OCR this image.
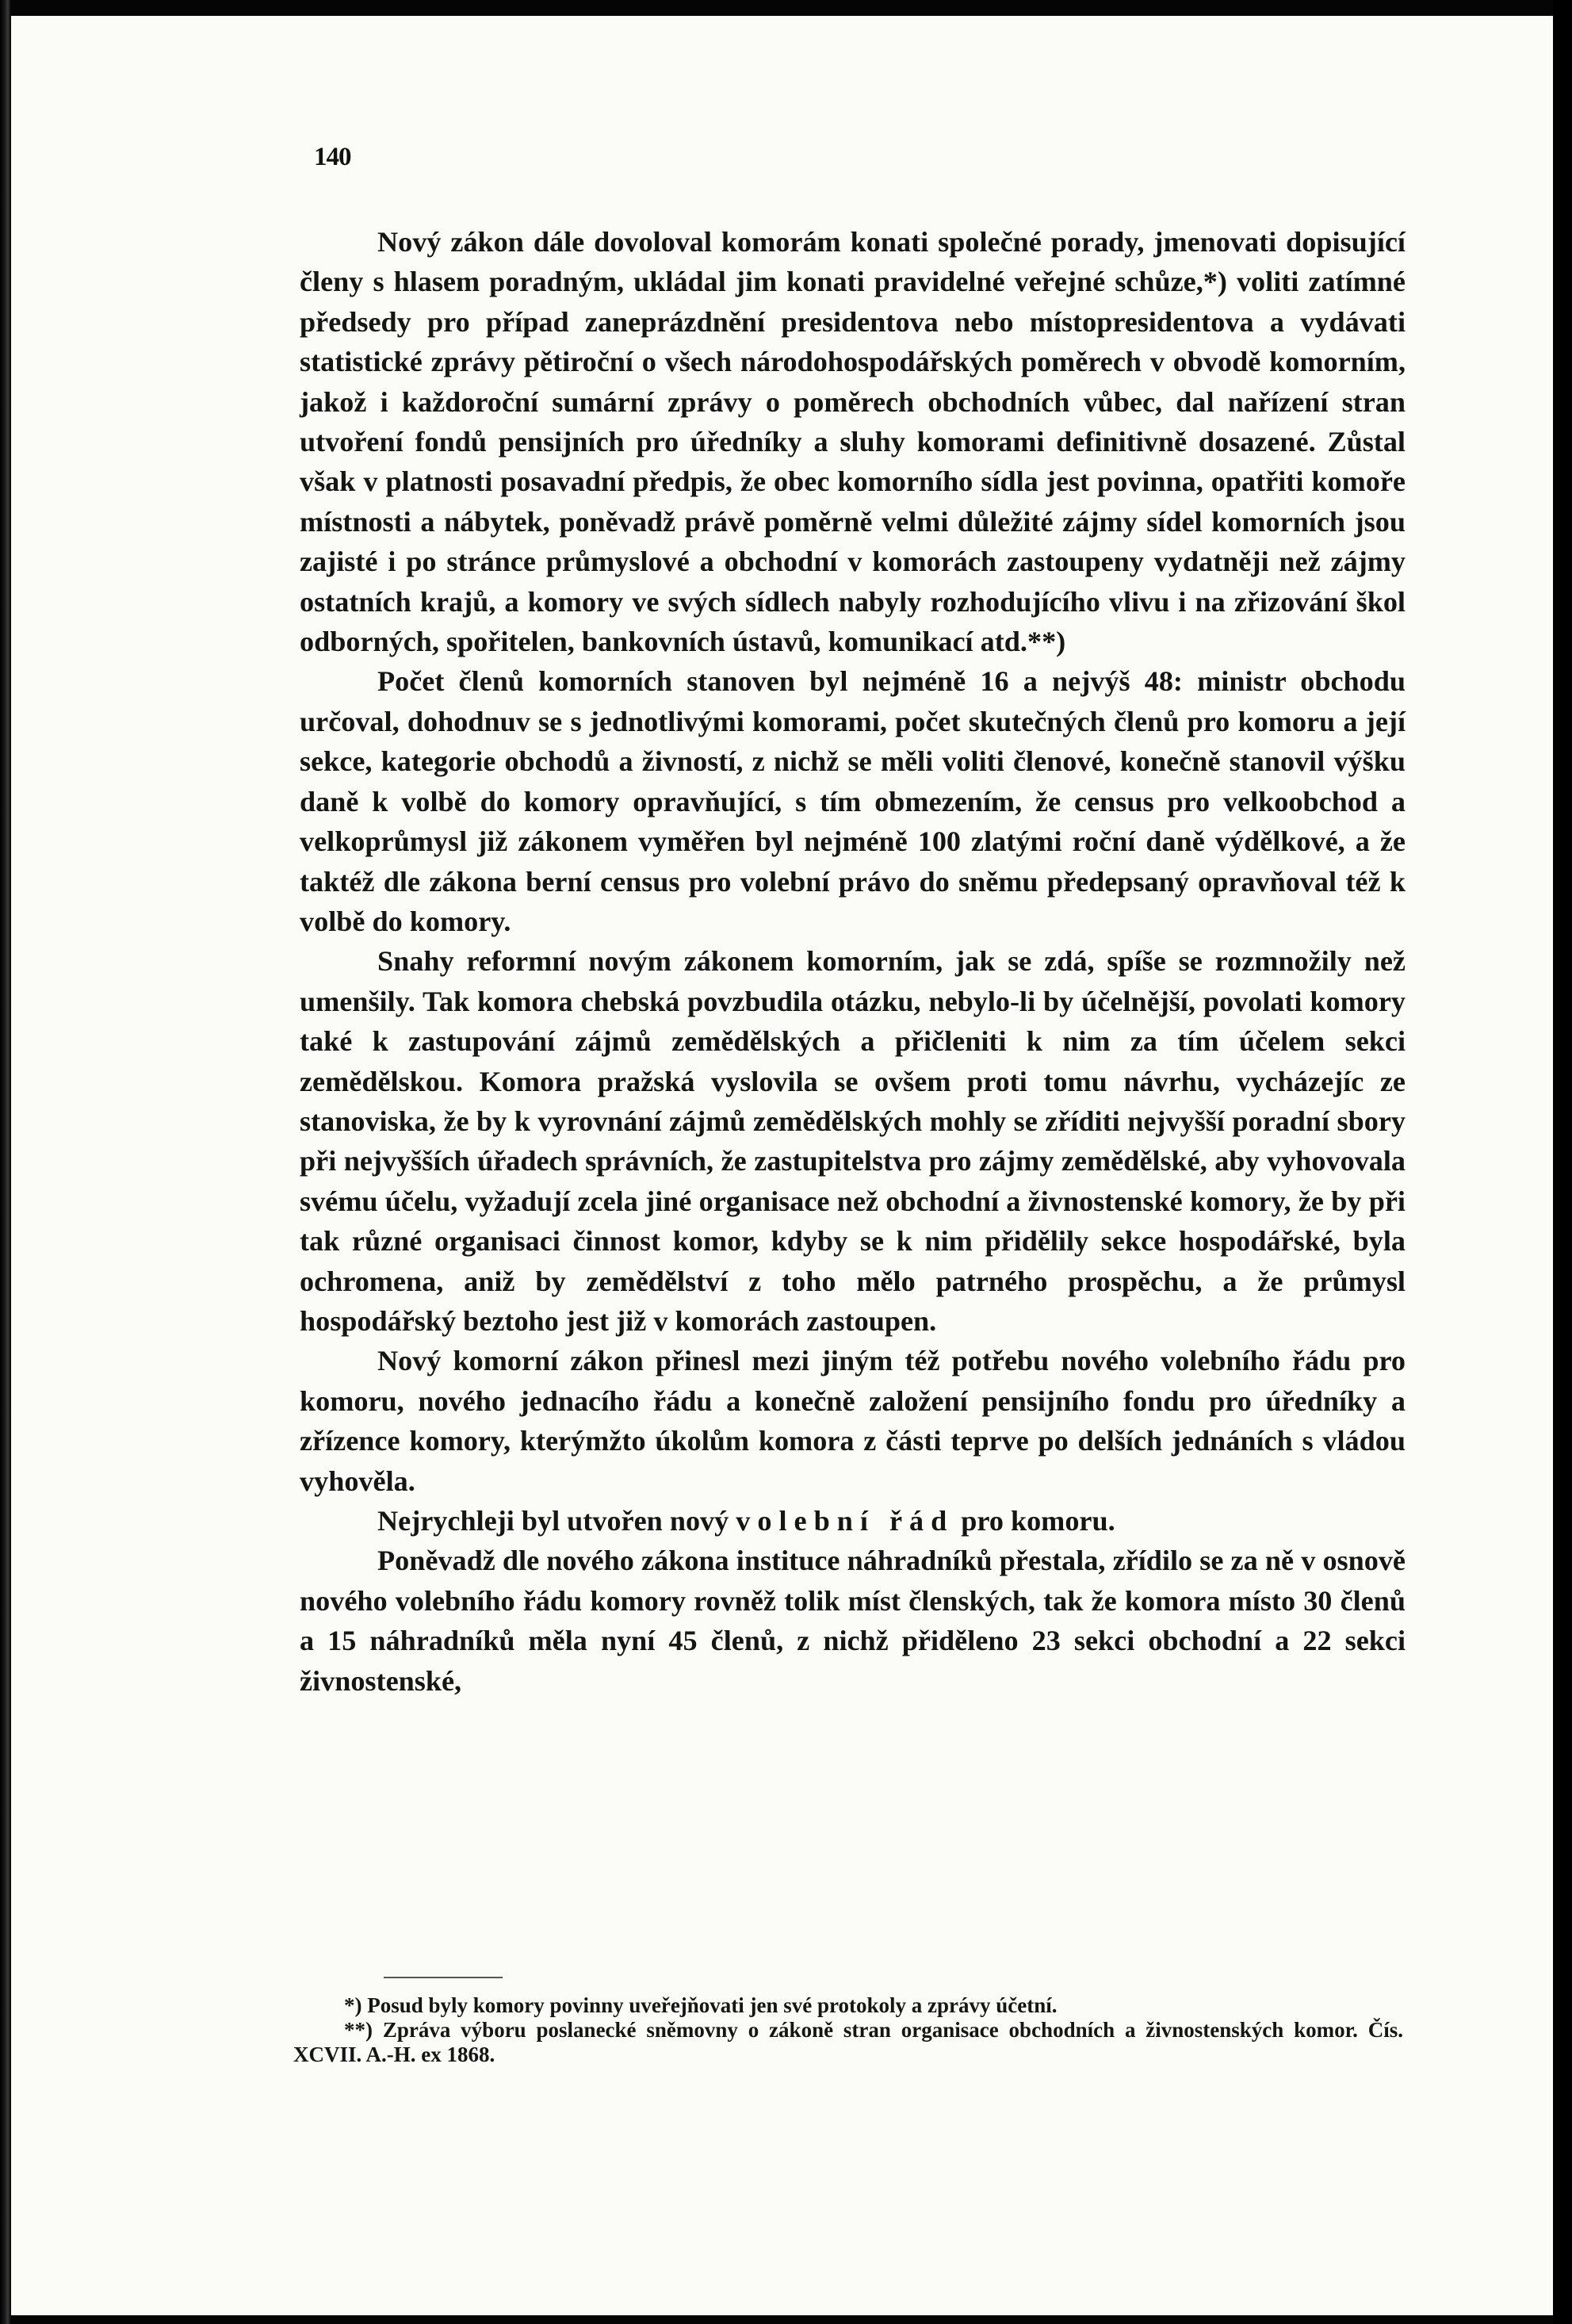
140

Nový zákon dále dovoloval komorám konati společné porady, jmenovati dopisující členy s hlasem poradným, ukládal jim konati pravidelné veřejné schůze,*) voliti zatímné předsedy pro případ zaneprázdnění presidentova nebo místopresidentova a vydávati statistické zprávy pětiroční o všech národohospodářských poměrech v obvodě komorním, jakož i každoroční sumární zprávy o poměrech obchodních vůbec, dal nařízení stran utvoření fondů pensijních pro úředníky a sluhy komorami definitivně dosazené. Zůstal však v platnosti posavadní předpis, že obec komorního sídla jest povinna, opatřiti komoře místnosti a nábytek, poněvadž právě poměrně velmi důležité zájmy sídel komorních jsou zajisté i po stránce průmyslové a obchodní v komorách zastoupeny vydatněji než zájmy ostatních krajů, a komory ve svých sídlech nabyly rozhodujícího vlivu i na zřizování škol odborných, spořitelen, bankovních ústavů, komunikací atd.**)

Počet členů komorních stanoven byl nejméně 16 a nejvýš 48: ministr obchodu určoval, dohodnuv se s jednotlivými komorami, počet skutečných členů pro komoru a její sekce, kategorie obchodů a živností, z nichž se měli voliti členové, konečně stanovil výšku daně k volbě do komory opravňující, s tím obmezením, že census pro velkoobchod a velkoprůmysl již zákonem vyměřen byl nejméně 100 zlatými roční daně výdělkové, a že taktéž dle zákona berní census pro volební právo do sněmu předepsaný opravňoval též k volbě do komory.

Snahy reformní novým zákonem komorním, jak se zdá, spíše se rozmnožily než umenšily. Tak komora chebská povzbudila otázku, nebylo-li by účelnější, povolati komory také k zastupování zájmů zemědělských a přičleniti k nim za tím účelem sekci zemědělskou. Komora pražská vyslovila se ovšem proti tomu návrhu, vycházejíc ze stanoviska, že by k vyrovnání zájmů zemědělských mohly se zříditi nejvyšší poradní sbory při nejvyšších úřadech správních, že zastupitelstva pro zájmy zemědělské, aby vyhovovala svému účelu, vyžadují zcela jiné organisace než obchodní a živnostenské komory, že by při tak různé organisaci činnost komor, kdyby se k nim přidělily sekce hospodářské, byla ochromena, aniž by zemědělství z toho mělo patrného prospěchu, a že průmysl hospodářský beztoho jest již v komorách zastoupen.

Nový komorní zákon přinesl mezi jiným též potřebu nového volebního řádu pro komoru, nového jednacího řádu a konečně založení pensijního fondu pro úředníky a zřízence komory, kterýmžto úkolům komora z části teprve po delších jednáních s vládou vyhověla.

Nejrychleji byl utvořen nový volební řád pro komoru.

Poněvadž dle nového zákona instituce náhradníků přestala, zřídilo se za ně v osnově nového volebního řádu komory rovněž tolik míst členských, tak že komora místo 30 členů a 15 náhradníků měla nyní 45 členů, z nichž přiděleno 23 sekci obchodní a 22 sekci živnostenské,

*) Posud byly komory povinny uveřejňovati jen své protokoly a zprávy účetní.

**) Zpráva výboru poslanecké sněmovny o zákoně stran organisace obchodních a živnostenských komor. Čís. XCVII. A.-H. ex 1868.
